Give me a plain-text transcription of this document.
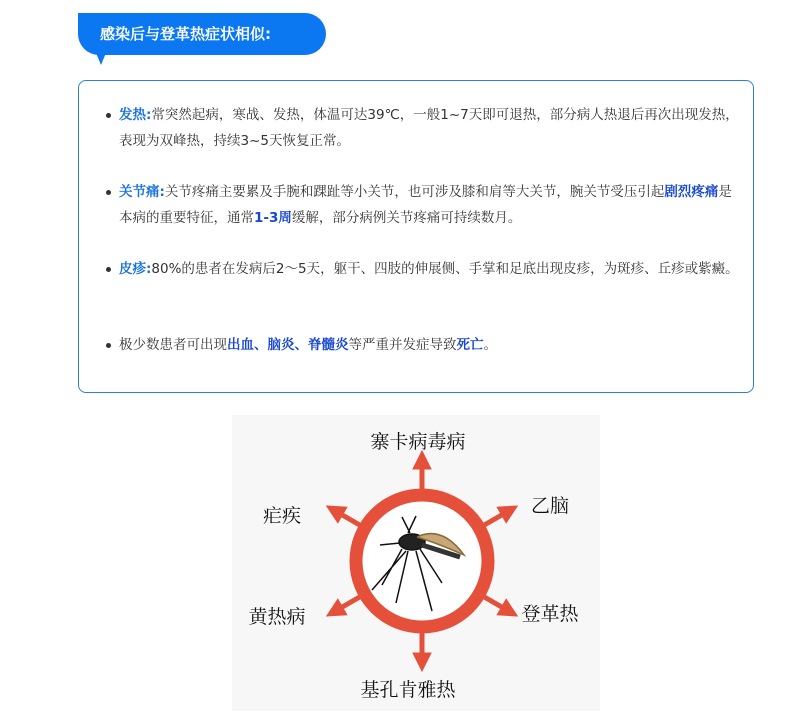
感染后与登革热症状相似:
发热:常突然起病，寒战、发热，体温可达39℃，一般1~7天即可退热，部分病人热退后再次出现发热，表现为双峰热，持续3~5天恢复正常。
关节痛:关节疼痛主要累及手腕和踝趾等小关节，也可涉及膝和肩等大关节，腕关节受压引起剧烈疼痛是本病的重要特征，通常1-3周缓解，部分病例关节疼痛可持续数月。
皮疹:80%的患者在发病后2～5天，躯干、四肢的伸展侧、手掌和足底出现皮疹，为斑疹、丘疹或紫癜。
极少数患者可出现出血、脑炎、脊髓炎等严重并发症导致死亡。
寨卡病毒病
乙脑
疟疾
黄热病	登革热
基孔肯雅热
